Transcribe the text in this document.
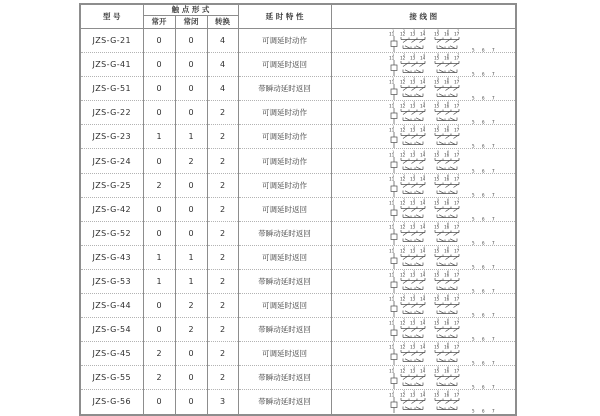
型 号	触 点 形 式			延 时 特 性	接 线 图
	常开	常闭	转换		
JZS-G-21	0	0	4	可调延时动作	
1 2 3 4	5 6 7
11 12 13 14 15 16 17
5 6 7

JZS-G-41	0	0	4	可调延时返回	
1 2 3 4	5 6 7
11 12 13 14 15 16 17
5 6 7

JZS-G-51	0	0	4	带瞬动延时返回	
1 2 3 4	5 6 7
11 12 13 14 15 16 17
5 6 7

JZS-G-22	0	0	2	可调延时动作	
1 2 3 4	5 6 7
11 12 13 14 15 16 17
5 6 7

JZS-G-23	1	1	2	可调延时动作	
1 2 3 4	5 6 7
11 12 13 14 15 16 17
5 6 7

JZS-G-24	0	2	2	可调延时动作	
1 2 3 4	5 6 7
11 12 13 14 15 16 17
5 6 7

JZS-G-25	2	0	2	可调延时动作	
1 2 3 4	5 6 7
11 12 13 14 15 16 17
5 6 7

JZS-G-42	0	0	2	可调延时返回	
1 2 3 4	5 6 7
11 12 13 14 15 16 17
5 6 7

JZS-G-52	0	0	2	带瞬动延时返回	
1 2 3 4	5 6 7
11 12 13 14 15 16 17
5 6 7

JZS-G-43	1	1	2	可调延时返回	
1 2 3 4	5 6 7
11 12 13 14 15 16 17
5 6 7

JZS-G-53	1	1	2	带瞬动延时返回	
1 2 3 4	5 6 7
11 12 13 14 15 16 17
5 6 7

JZS-G-44	0	2	2	可调延时返回	
1 2 3 4	5 6 7
11 12 13 14 15 16 17
5 6 7

JZS-G-54	0	2	2	带瞬动延时返回	
1 2 3 4	5 6 7
11 12 13 14 15 16 17
5 6 7

JZS-G-45	2	0	2	可调延时返回	
1 2 3 4	5 6 7
11 12 13 14 15 16 17
5 6 7

JZS-G-55	2	0	2	带瞬动延时返回	
1 2 3 4	5 6 7
11 12 13 14 15 16 17
5 6 7

JZS-G-56	0	0	3	带瞬动延时返回	
1 2 3 4	5 6 7
11 12 13 14 15 16 17
5 6 7
